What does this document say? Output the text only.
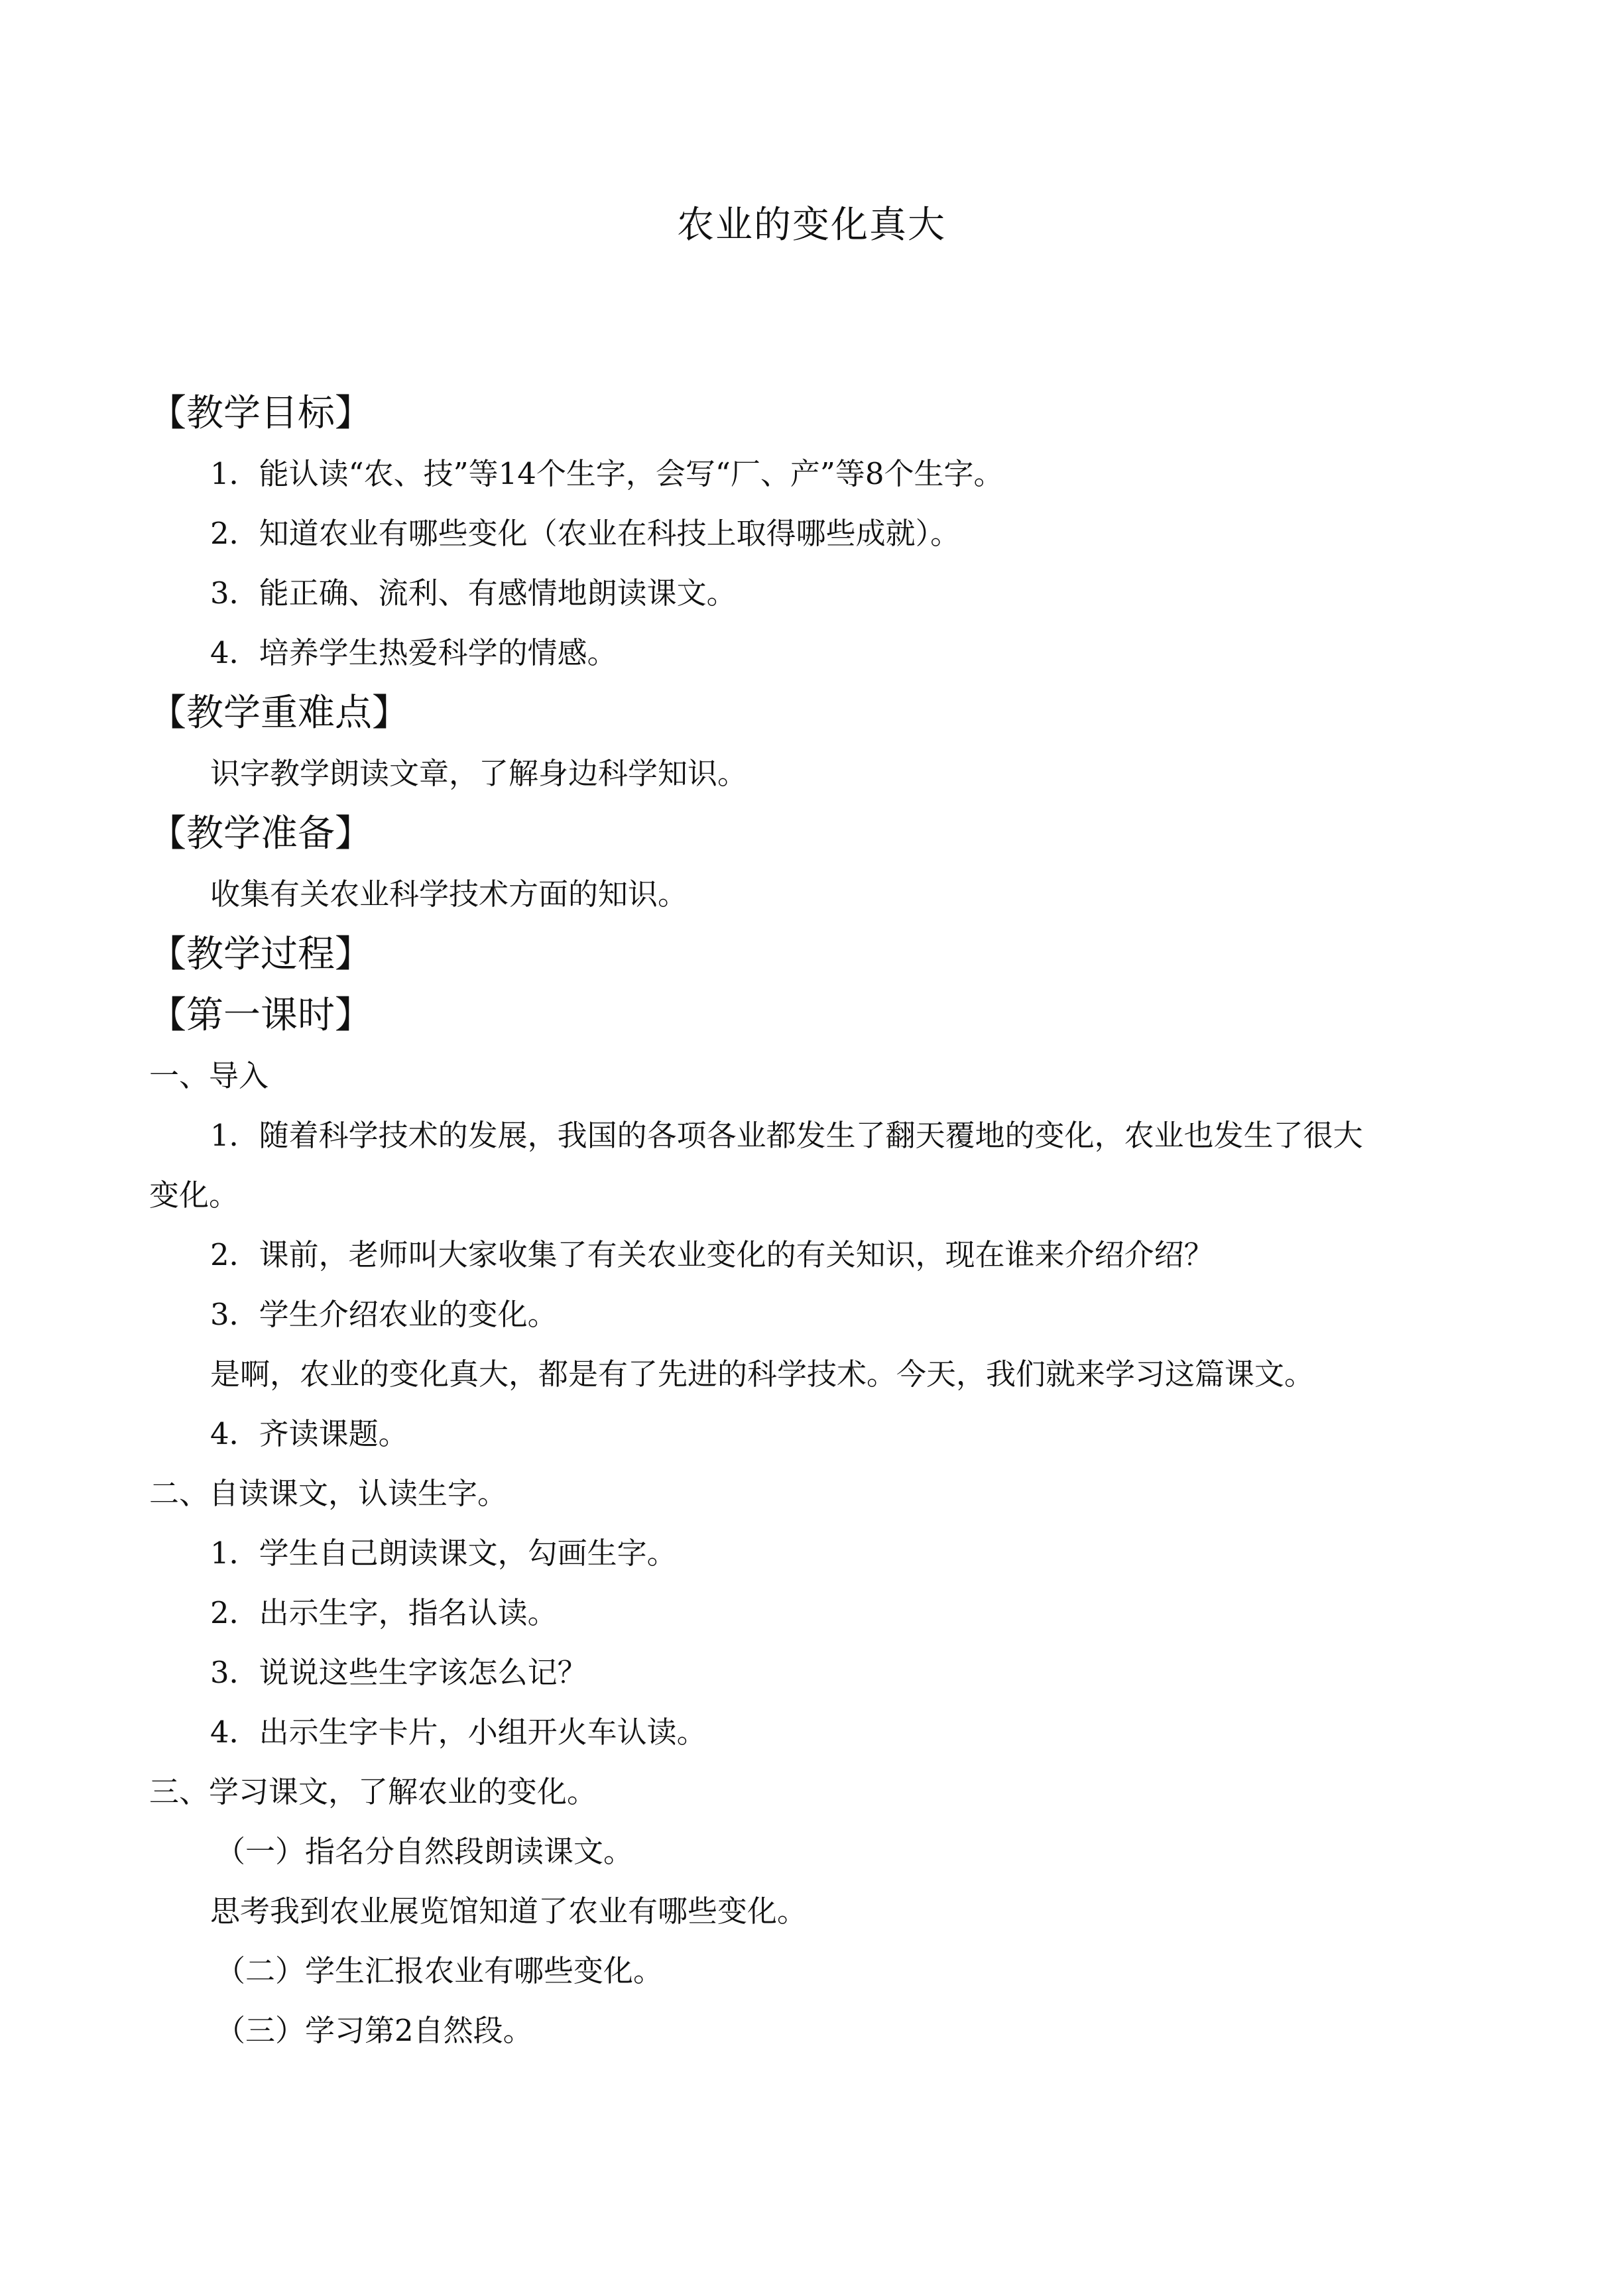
农业的变化真大
【教学目标】
1．能认读“农、技”等14个生字，会写“厂、产”等8个生字。
2．知道农业有哪些变化（农业在科技上取得哪些成就）。
3．能正确、流利、有感情地朗读课文。
4．培养学生热爱科学的情感。
【教学重难点】
识字教学朗读文章，了解身边科学知识。
【教学准备】
收集有关农业科学技术方面的知识。
【教学过程】
【第一课时】
一、导入
1．随着科学技术的发展，我国的各项各业都发生了翻天覆地的变化，农业也发生了很大
变化。
2．课前，老师叫大家收集了有关农业变化的有关知识，现在谁来介绍介绍？
3．学生介绍农业的变化。
是啊，农业的变化真大，都是有了先进的科学技术。今天，我们就来学习这篇课文。
4．齐读课题。
二、自读课文，认读生字。
1．学生自己朗读课文，勾画生字。
2．出示生字，指名认读。
3．说说这些生字该怎么记？
4．出示生字卡片，小组开火车认读。
三、学习课文，了解农业的变化。
（一）指名分自然段朗读课文。
思考我到农业展览馆知道了农业有哪些变化。
（二）学生汇报农业有哪些变化。
（三）学习第2自然段。
